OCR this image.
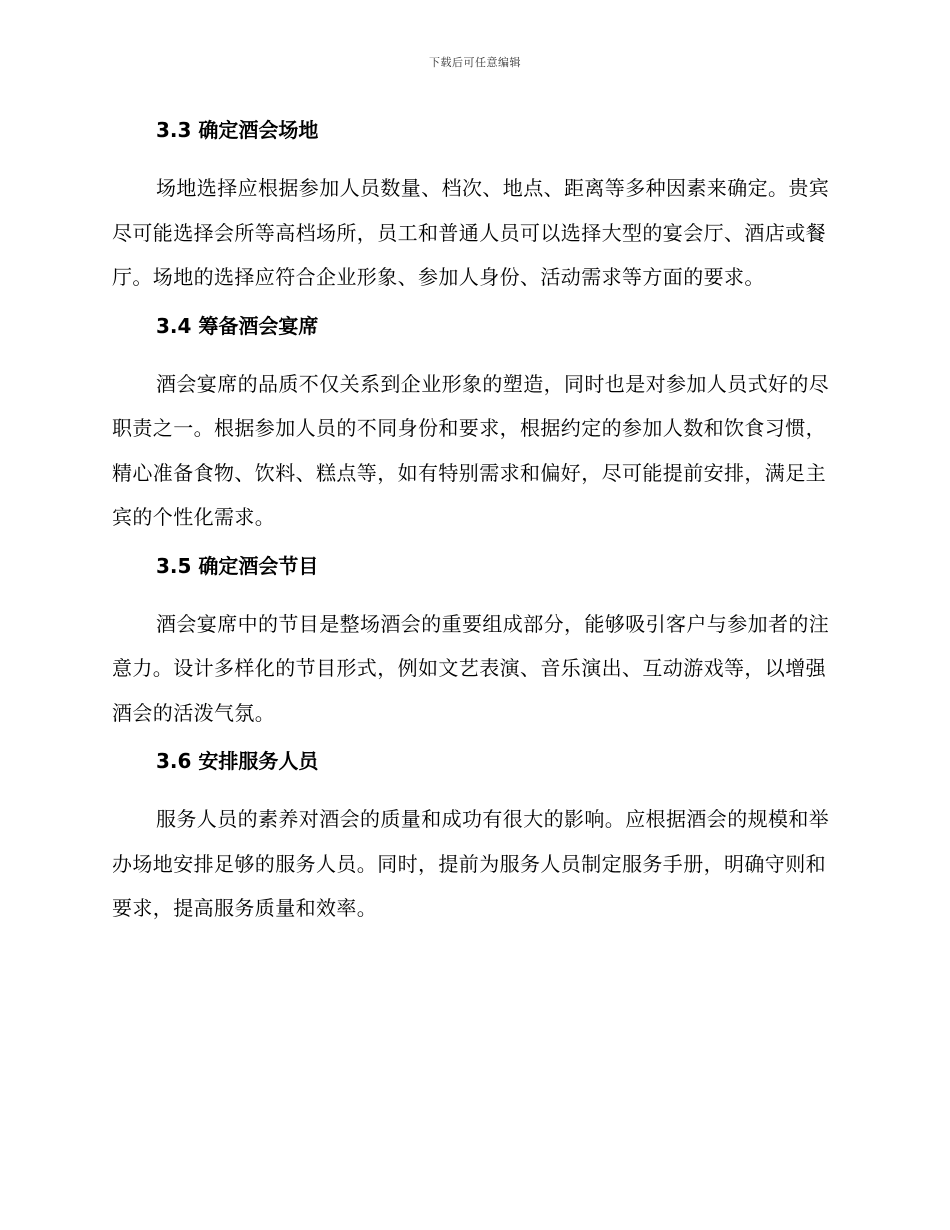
下载后可任意编辑
3.3 确定酒会场地

场地选择应根据参加人员数量、档次、地点、距离等多种因素来确定。贵宾尽可能选择会所等高档场所，员工和普通人员可以选择大型的宴会厅、酒店或餐厅。场地的选择应符合企业形象、参加人身份、活动需求等方面的要求。

3.4 筹备酒会宴席

酒会宴席的品质不仅关系到企业形象的塑造，同时也是对参加人员式好的尽职责之一。根据参加人员的不同身份和要求，根据约定的参加人数和饮食习惯，精心准备食物、饮料、糕点等，如有特别需求和偏好，尽可能提前安排，满足主宾的个性化需求。

3.5 确定酒会节目

酒会宴席中的节目是整场酒会的重要组成部分，能够吸引客户与参加者的注意力。设计多样化的节目形式，例如文艺表演、音乐演出、互动游戏等，以增强酒会的活泼气氛。

3.6 安排服务人员

服务人员的素养对酒会的质量和成功有很大的影响。应根据酒会的规模和举办场地安排足够的服务人员。同时，提前为服务人员制定服务手册，明确守则和要求，提高服务质量和效率。
